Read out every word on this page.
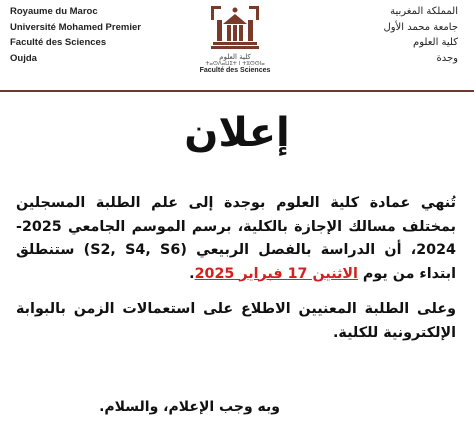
Royaume du Maroc
Université Mohamed Premier
Faculté des Sciences
Oujda	كلية العلوم
ⵜⴰⵙⴷⴰⵡⵉⵜ ⵏ ⵜⵓⵙⵙⵏⴰ
Faculté des Sciences
المملكة المغربية
جامعة محمد الأول
كلية العلوم
وجدة
إعلان

تُنهي عمادة كلية العلوم بوجدة إلى علم الطلبة المسجلين بمختلف مسالك الإجازة بالكلية، برسم الموسم الجامعي 2025-2024، أن الدراسة بالفصل الربيعي (S2, S4, S6) ستنطلق ابتداء من يوم الاثنين 17 فبراير 2025.

وعلى الطلبة المعنيين الاطلاع على استعمالات الزمن بالبوابة الإلكترونية للكلية.

وبه وجب الإعلام، والسلام.
